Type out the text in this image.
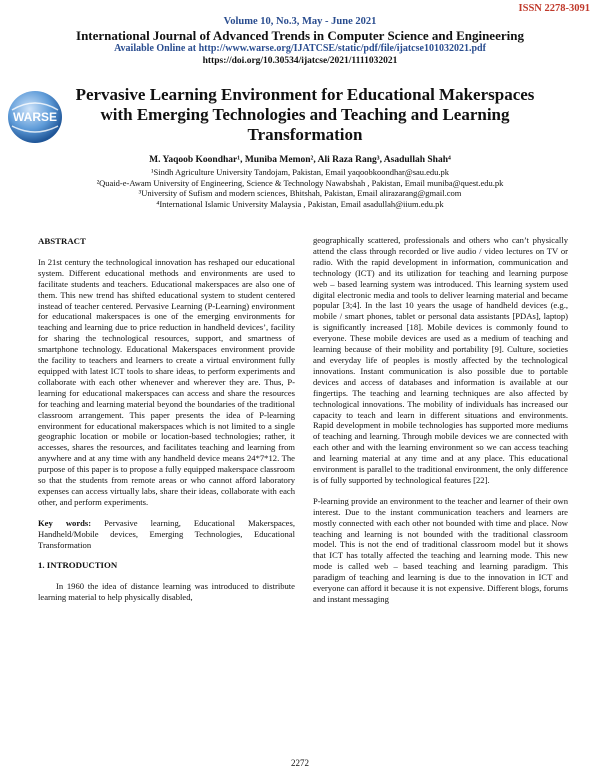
ISSN 2278-3091
Volume 10, No.3, May - June 2021
International Journal of Advanced Trends in Computer Science and Engineering
Available Online at http://www.warse.org/IJATCSE/static/pdf/file/ijatcse101032021.pdf
https://doi.org/10.30534/ijatcse/2021/1111032021
WARSE
Pervasive Learning Environment for Educational Makerspaces with Emerging Technologies and Teaching and Learning Transformation
M. Yaqoob Koondhar¹, Muniba Memon², Ali Raza Rang³, Asadullah Shah⁴
¹Sindh Agriculture University Tandojam, Pakistan, Email yaqoobkoondhar@sau.edu.pk
²Quaid-e-Awam University of Engineering, Science & Technology Nawabshah , Pakistan, Email muniba@quest.edu.pk
³University of Sufism and modern sciences, Bhitshah, Pakistan, Email alirazarang@gmail.com
⁴International Islamic University Malaysia , Pakistan, Email asadullah@iium.edu.pk
ABSTRACT

In 21st century the technological innovation has reshaped our educational system. Different educational methods and environments are used to facilitate students and teachers. Educational makerspaces are also one of them. This new trend has shifted educational system to student centered instead of teacher centered. Pervasive Learning (P-Learning) environment for educational makerspaces is one of the emerging environments for teaching and learning due to price reduction in handheld devices’, facility for sharing the technological resources, support, and smartness of smartphone technology. Educational Makerspaces environment provide the facility to teachers and learners to create a virtual environment fully equipped with latest ICT tools to share ideas, to perform experiments and collaborate with each other whenever and wherever they are. Thus, P-learning for educational makerspaces can access and share the resources for teaching and learning material beyond the boundaries of the traditional classroom arrangement. This paper presents the idea of P-learning environment for educational makerspaces which is not limited to a single geographic location or mobile or location-based technologies; rather, it accesses, shares the resources, and facilitates teaching and learning from anywhere and at any time with any handheld device means 24*7*12. The purpose of this paper is to propose a fully equipped makerspace classroom so that the students from remote areas or who cannot afford laboratory expenses can access virtually labs, share their ideas, collaborate with each other, and perform experiments.

Key words: Pervasive learning, Educational Makerspaces, Handheld/Mobile devices, Emerging Technologies, Educational Transformation

1. INTRODUCTION

In 1960 the idea of distance learning was introduced to distribute learning material to help physically disabled,

geographically scattered, professionals and others who can’t physically attend the class through recorded or live audio / video lectures on TV or radio. With the rapid development in information, communication and technology (ICT) and its utilization for teaching and learning purpose web – based learning system was introduced. This learning system used digital electronic media and tools to deliver learning material and became popular [3;4]. In the last 10 years the usage of handheld devices (e.g., mobile / smart phones, tablet or personal data assistants [PDAs], laptop) is significantly increased [18]. Mobile devices is commonly found to everyone. These mobile devices are used as a medium of teaching and learning because of their mobility and portability [9]. Culture, societies and everyday life of peoples is mostly affected by the technological innovations. Instant communication is also possible due to portable devices and access of databases and information is available at our fingertips. The teaching and learning techniques are also affected by technological innovations. The mobility of individuals has increased our capacity to teach and learn in different situations and environments. Rapid development in mobile technologies has supported more mediums of teaching and learning. Through mobile devices we are connected with each other and with the learning environment so we can access teaching and learning material at any time and at any place. This educational environment is parallel to the traditional environment, the only difference is of fully supported by technological features [22].

P-learning provide an environment to the teacher and learner of their own interest. Due to the instant communication teachers and learners are mostly connected with each other not bounded with time and place. Now teaching and learning is not bounded with the traditional classroom model. This is not the end of traditional classroom model but it shows that ICT has totally affected the teaching and learning mode. This new mode is called web – based teaching and learning paradigm. This paradigm of teaching and learning is due to the innovation in ICT and everyone can afford it because it is not expensive. Different blogs, forums and instant messaging

2272
